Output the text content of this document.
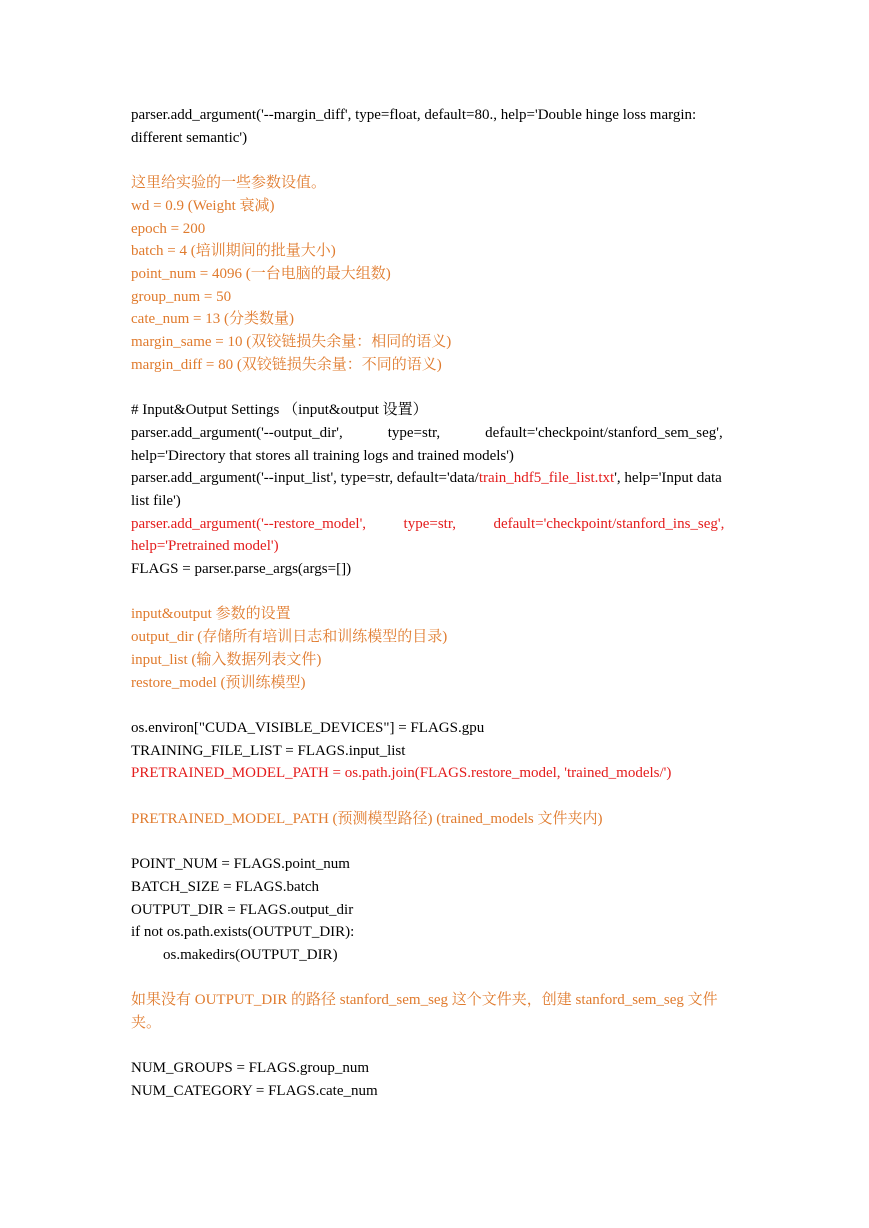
parser.add_argument('--margin_diff', type=float, default=80., help='Double hinge loss margin:

different semantic')

这里给实验的一些参数设值。

wd = 0.9 (Weight 衰减)

epoch = 200

batch = 4 (培训期间的批量大小)

point_num = 4096 (一台电脑的最大组数)

group_num = 50

cate_num = 13 (分类数量)

margin_same = 10 (双铰链损失余量：相同的语义)

margin_diff = 80 (双铰链损失余量：不同的语义)

# Input&Output Settings （input&output 设置）

parser.add_argument('--output_dir',            type=str,            default='checkpoint/stanford_sem_seg',

help='Directory that stores all training logs and trained models')

parser.add_argument('--input_list', type=str, default='data/train_hdf5_file_list.txt', help='Input data

list file')

parser.add_argument('--restore_model',          type=str,          default='checkpoint/stanford_ins_seg',

help='Pretrained model')

FLAGS = parser.parse_args(args=[])

input&output 参数的设置

output_dir (存储所有培训日志和训练模型的目录)

input_list (输入数据列表文件)

restore_model (预训练模型)

os.environ["CUDA_VISIBLE_DEVICES"] = FLAGS.gpu

TRAINING_FILE_LIST = FLAGS.input_list

PRETRAINED_MODEL_PATH = os.path.join(FLAGS.restore_model, 'trained_models/')

PRETRAINED_MODEL_PATH (预测模型路径) (trained_models 文件夹内)

POINT_NUM = FLAGS.point_num

BATCH_SIZE = FLAGS.batch

OUTPUT_DIR = FLAGS.output_dir

if not os.path.exists(OUTPUT_DIR):

os.makedirs(OUTPUT_DIR)

如果没有 OUTPUT_DIR 的路径 stanford_sem_seg 这个文件夹，创建 stanford_sem_seg 文件

夹。

NUM_GROUPS = FLAGS.group_num

NUM_CATEGORY = FLAGS.cate_num
